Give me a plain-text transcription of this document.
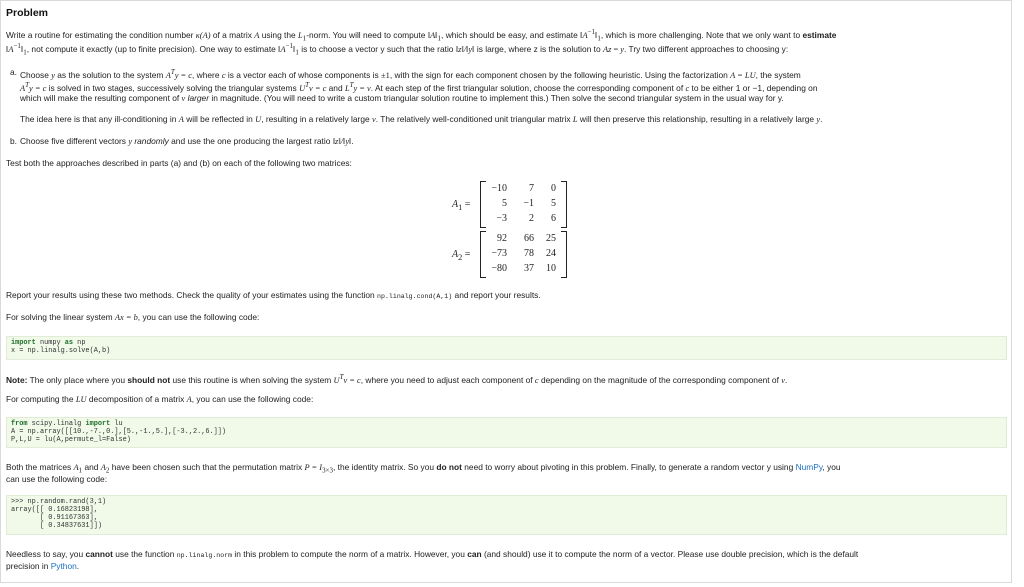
Problem
Write a routine for estimating the condition number κ(A) of a matrix A using the $L_1$-norm. You will need to compute $‖A‖_1$, which should be easy, and estimate $‖A^{-1}‖_1$, which is more challenging. Note that we only want to estimate
$‖A^{-1}‖_1$, not compute it exactly (up to finite precision). One way to estimate $‖A^{-1}‖_1$ is to choose a vector y such that the ratio ‖z‖/‖y‖ is large, where z is the solution to Az = y. Try two different approaches to choosing y:
a. Choose y as the solution to the system $A^Ty = c$, where c is a vector each of whose components is ±1, with the sign for each component chosen by the following heuristic. Using the factorization A = LU, the system
$A^Ty = c$ is solved in two stages, successively solving the triangular systems $U^Tv = c$ and $L^Ty = v$. At each step of the first triangular solution, choose the corresponding component of c to be either 1 or −1, depending on
which will make the resulting component of v larger in magnitude. (You will need to write a custom triangular solution routine to implement this.) Then solve the second triangular system in the usual way for y.
The idea here is that any ill-conditioning in A will be reflected in U, resulting in a relatively large v. The relatively well-conditioned unit triangular matrix L will then preserve this relationship, resulting in a relatively large y.
b. Choose five different vectors y randomly and use the one producing the largest ratio ‖z‖/‖y‖.
Test both the approaches described in parts (a) and (b) on each of the following two matrices:
$A_1$ =
−10	7	0
5	−1	5
−3	2	6
$A_2$ =
92	66	25
−73	78	24
−80	37	10
Report your results using these two methods. Check the quality of your estimates using the function np.linalg.cond(A,1) and report your results.
For solving the linear system Ax = b, you can use the following code:
import numpy as np
x = np.linalg.solve(A,b)
Note: The only place where you should not use this routine is when solving the system $U^Tv = c$, where you need to adjust each component of c depending on the magnitude of the corresponding component of v.
For computing the LU decomposition of a matrix A, you can use the following code:
from scipy.linalg import lu
A = np.array([[10.,-7.,0.],[5.,-1.,5.],[-3.,2.,6.]])
P,L,U = lu(A,permute_l=False)
Both the matrices $A_1$ and $A_2$ have been chosen such that the permutation matrix $P = I_{3\times 3}$, the identity matrix. So you do not need to worry about pivoting in this problem. Finally, to generate a random vector y using NumPy, you
can use the following code:
>>> np.random.rand(3,1)
array([[ 0.16823198],
[ 0.91167363],
[ 0.34837631]])
Needless to say, you cannot use the function np.linalg.norm in this problem to compute the norm of a matrix. However, you can (and should) use it to compute the norm of a vector. Please use double precision, which is the default
precision in Python.
